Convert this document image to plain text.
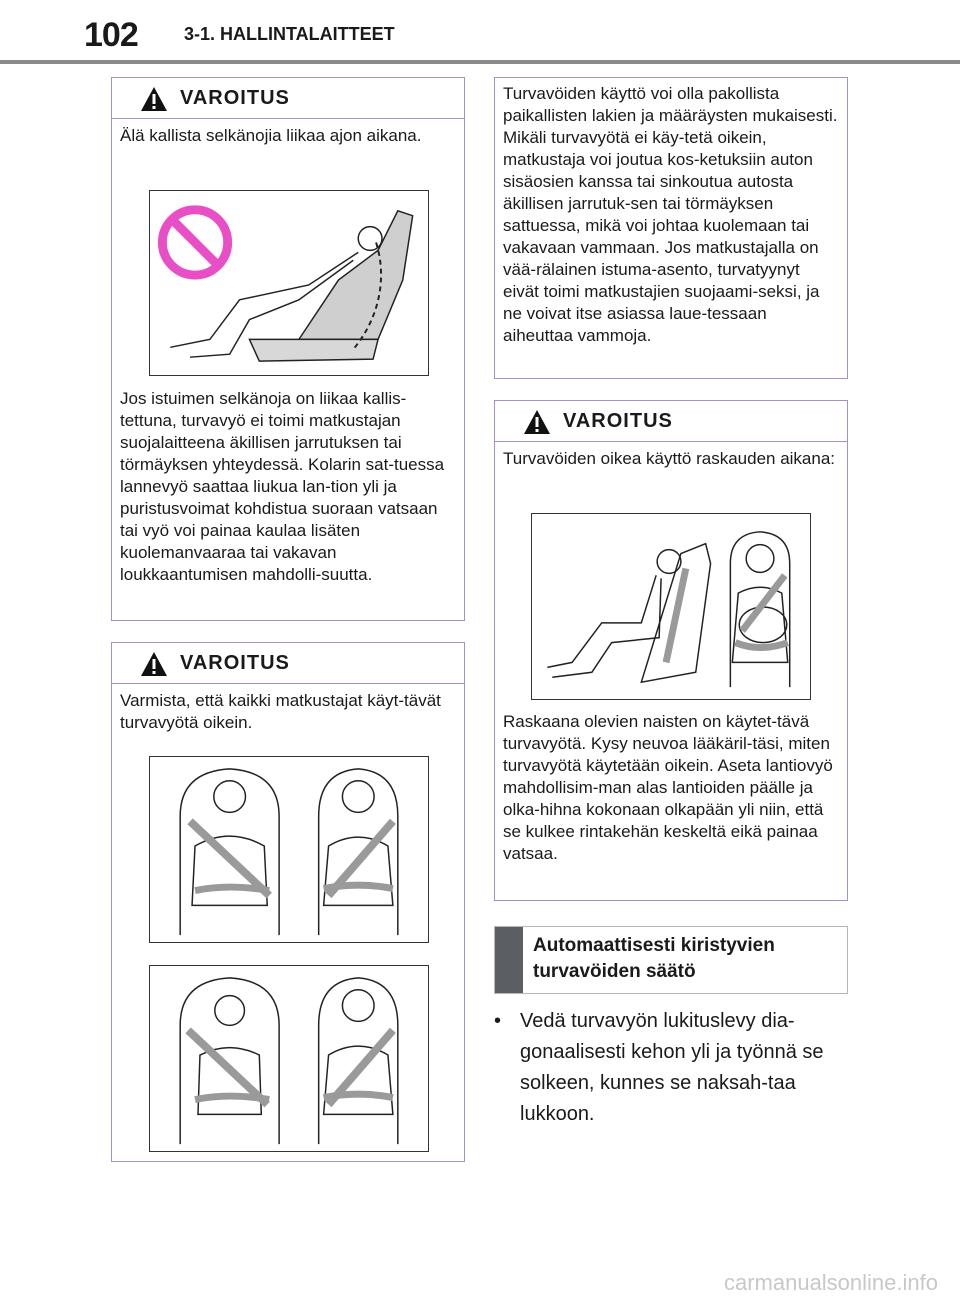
102	3-1. HALLINTALAITTEET
VAROITUS
Älä kallista selkänojia liikaa ajon aikana.
Jos istuimen selkänoja on liikaa kallis-tettuna, turvavyö ei toimi matkustajan suojalaitteena äkillisen jarrutuksen tai törmäyksen yhteydessä. Kolarin sat-tuessa lannevyö saattaa liukua lan-tion yli ja puristusvoimat kohdistua suoraan vatsaan tai vyö voi painaa kaulaa lisäten kuolemanvaaraa tai vakavan loukkaantumisen mahdolli-suutta.
VAROITUS
Varmista, että kaikki matkustajat käyt-tävät turvavyötä oikein.
Turvavöiden käyttö voi olla pakollista paikallisten lakien ja määräysten mukaisesti. Mikäli turvavyötä ei käy-tetä oikein, matkustaja voi joutua kos-ketuksiin auton sisäosien kanssa tai sinkoutua autosta äkillisen jarrutuk-sen tai törmäyksen sattuessa, mikä voi johtaa kuolemaan tai vakavaan vammaan. Jos matkustajalla on vää-rälainen istuma-asento, turvatyynyt eivät toimi matkustajien suojaami-seksi, ja ne voivat itse asiassa laue-tessaan aiheuttaa vammoja.
VAROITUS
Turvavöiden oikea käyttö raskauden aikana:
Raskaana olevien naisten on käytet-tävä turvavyötä. Kysy neuvoa lääkäril-täsi, miten turvavyötä käytetään oikein. Aseta lantiovyö mahdollisim-man alas lantioiden päälle ja olka-hihna kokonaan olkapään yli niin, että se kulkee rintakehän keskeltä eikä painaa vatsaa.
Automaattisesti kiristyvien turvavöiden säätö
• Vedä turvavyön lukituslevy dia-gonaalisesti kehon yli ja työnnä se solkeen, kunnes se naksah-taa lukkoon.
carmanualsonline.info
